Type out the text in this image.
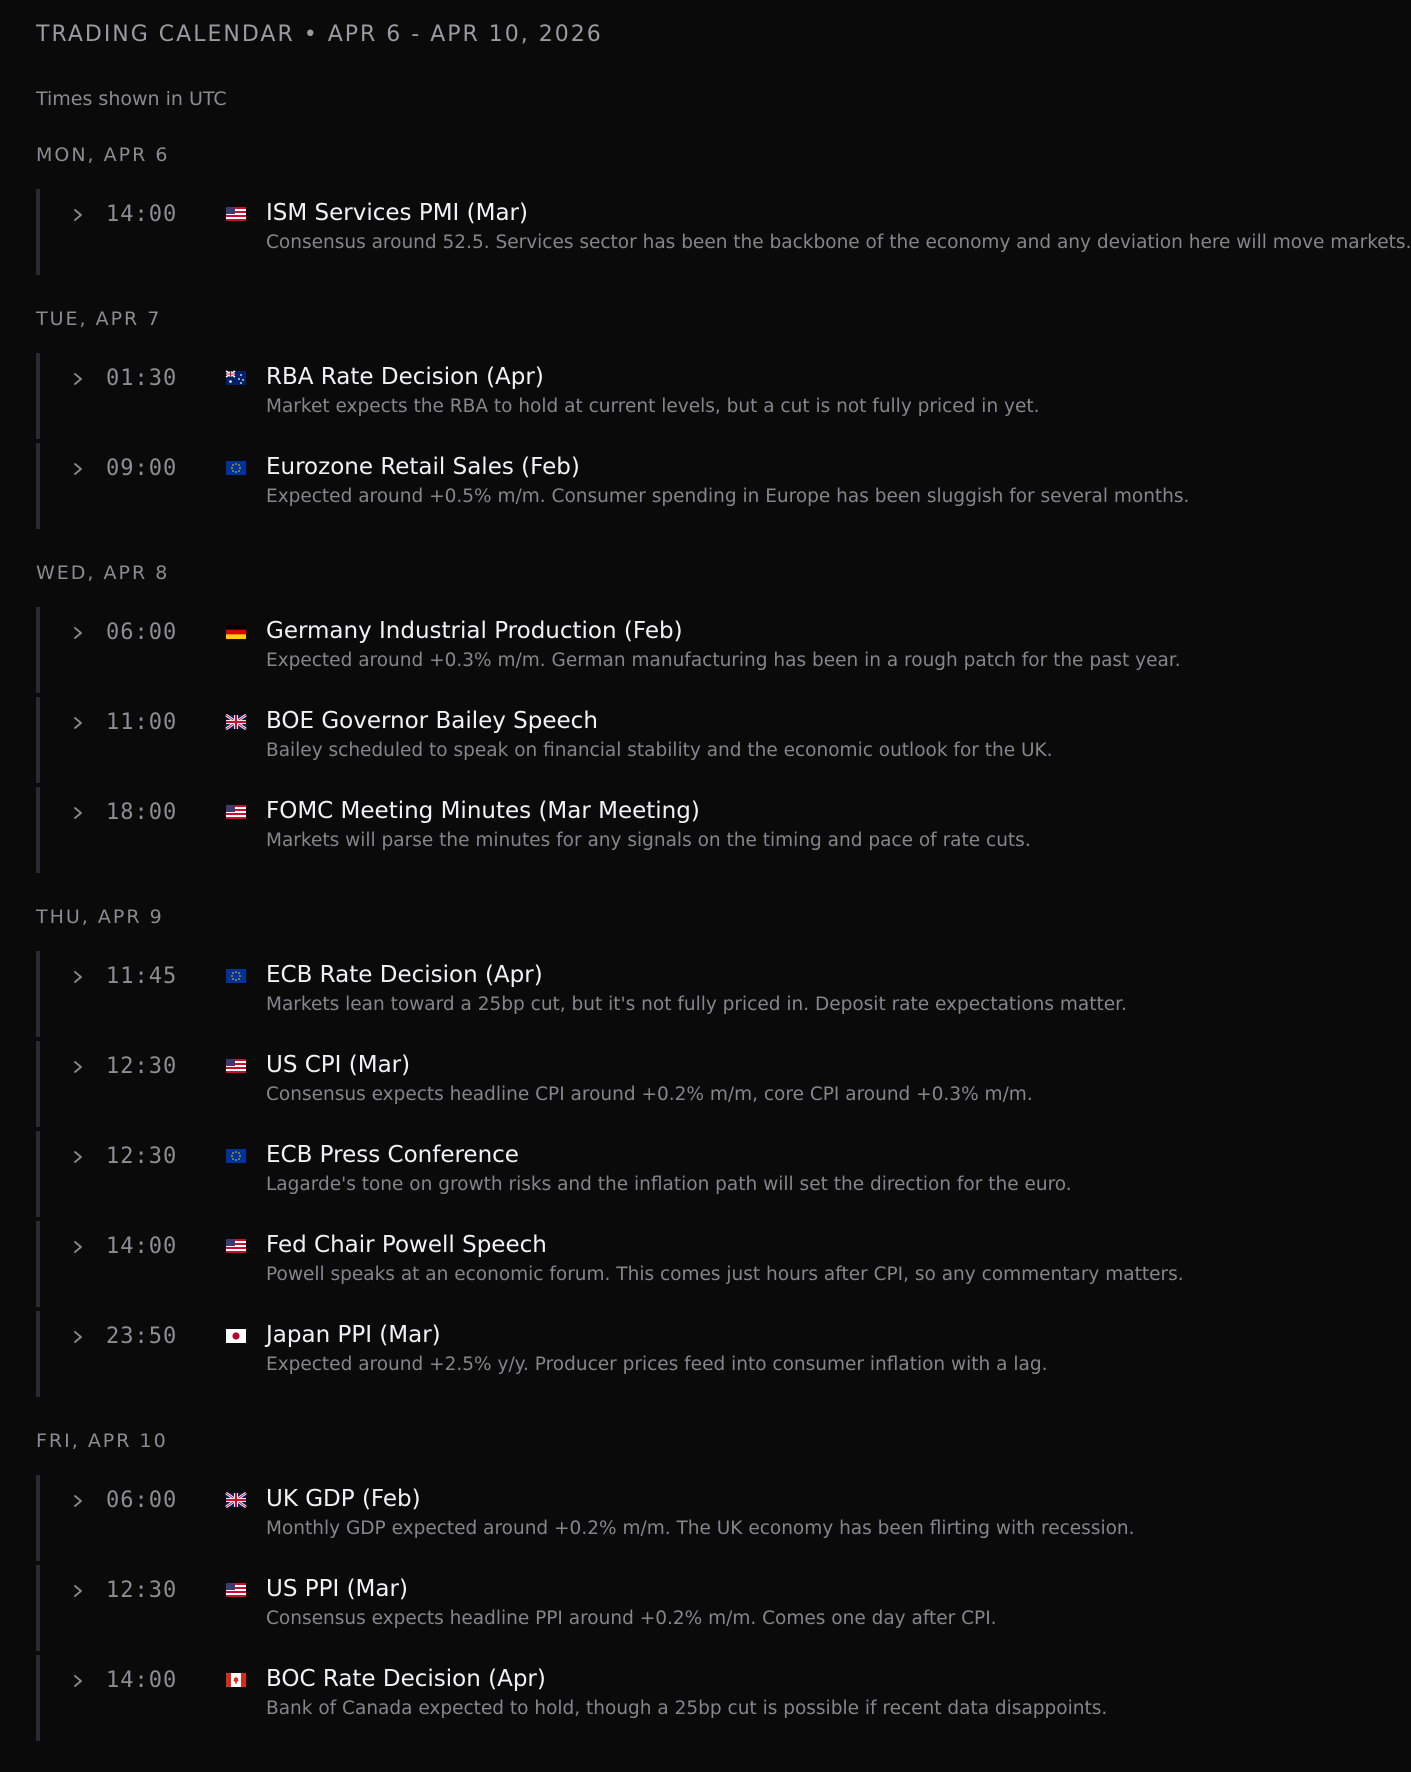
TRADING CALENDAR • APR 6 - APR 10, 2026
Times shown in UTC
MON, APR 6
14:00	ISM Services PMI (Mar)
Consensus around 52.5. Services sector has been the backbone of the economy and any deviation here will move markets.
TUE, APR 7
01:30	RBA Rate Decision (Apr)
Market expects the RBA to hold at current levels, but a cut is not fully priced in yet.
09:00	Eurozone Retail Sales (Feb)
Expected around +0.5% m/m. Consumer spending in Europe has been sluggish for several months.
WED, APR 8
06:00	Germany Industrial Production (Feb)
Expected around +0.3% m/m. German manufacturing has been in a rough patch for the past year.
11:00	BOE Governor Bailey Speech
Bailey scheduled to speak on financial stability and the economic outlook for the UK.
18:00	FOMC Meeting Minutes (Mar Meeting)
Markets will parse the minutes for any signals on the timing and pace of rate cuts.
THU, APR 9
11:45	ECB Rate Decision (Apr)
Markets lean toward a 25bp cut, but it's not fully priced in. Deposit rate expectations matter.
12:30	US CPI (Mar)
Consensus expects headline CPI around +0.2% m/m, core CPI around +0.3% m/m.
12:30	ECB Press Conference
Lagarde's tone on growth risks and the inflation path will set the direction for the euro.
14:00	Fed Chair Powell Speech
Powell speaks at an economic forum. This comes just hours after CPI, so any commentary matters.
23:50	Japan PPI (Mar)
Expected around +2.5% y/y. Producer prices feed into consumer inflation with a lag.
FRI, APR 10
06:00	UK GDP (Feb)
Monthly GDP expected around +0.2% m/m. The UK economy has been flirting with recession.
12:30	US PPI (Mar)
Consensus expects headline PPI around +0.2% m/m. Comes one day after CPI.
14:00	BOC Rate Decision (Apr)
Bank of Canada expected to hold, though a 25bp cut is possible if recent data disappoints.
